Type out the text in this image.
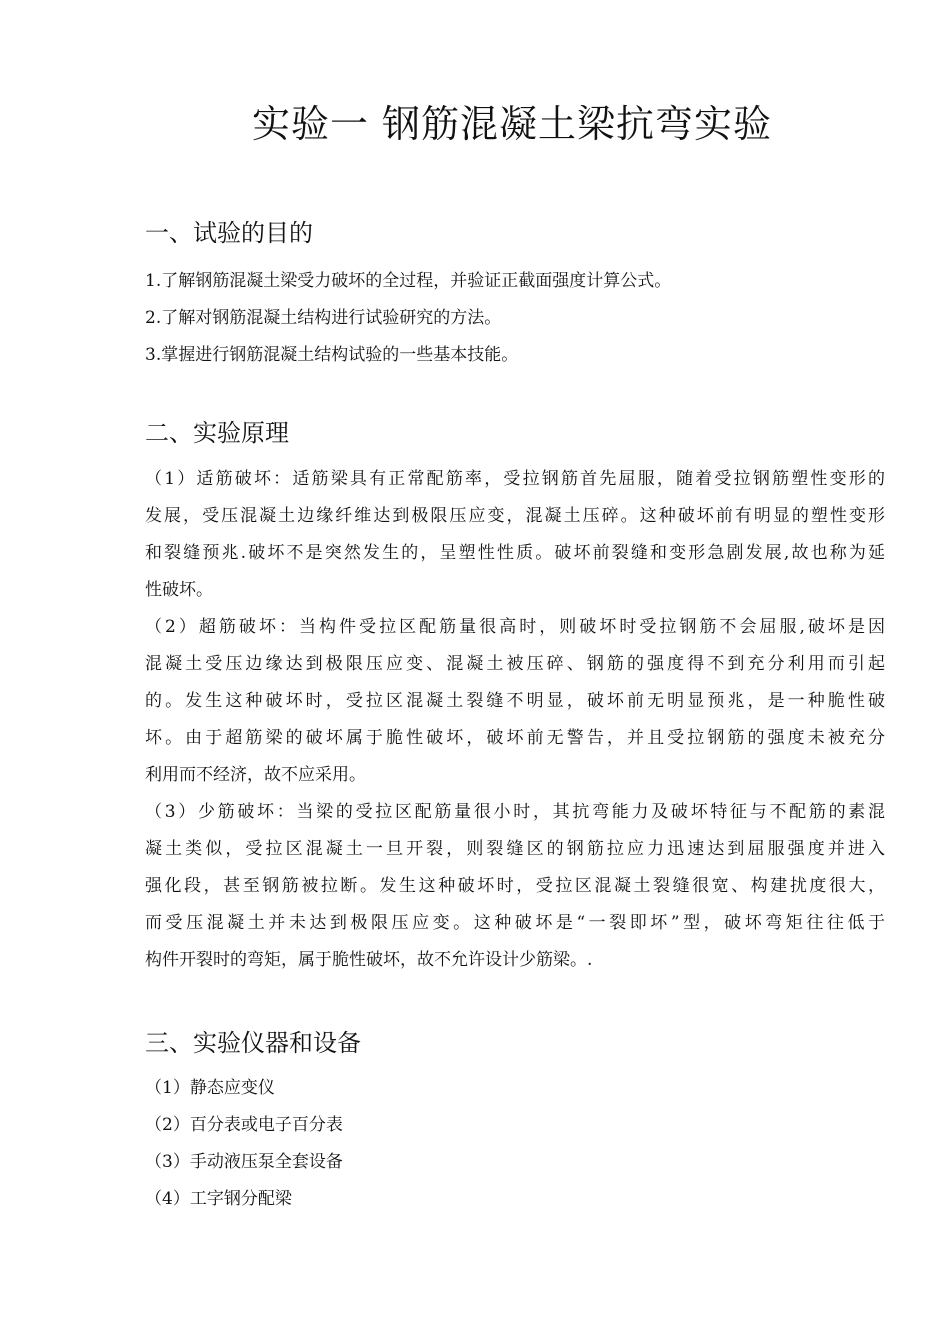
实验一 钢筋混凝土梁抗弯实验
一、试验的目的

1.了解钢筋混凝土梁受力破坏的全过程，并验证正截面强度计算公式。

2.了解对钢筋混凝土结构进行试验研究的方法。

3.掌握进行钢筋混凝土结构试验的一些基本技能。

二、实验原理

（1）适筋破坏：适筋梁具有正常配筋率，受拉钢筋首先屈服，随着受拉钢筋塑性变形的
发展，受压混凝土边缘纤维达到极限压应变，混凝土压碎。这种破坏前有明显的塑性变形
和裂缝预兆.破坏不是突然发生的，呈塑性性质。破坏前裂缝和变形急剧发展,故也称为延
性破坏。

（2）超筋破坏：当构件受拉区配筋量很高时，则破坏时受拉钢筋不会屈服,破坏是因
混凝土受压边缘达到极限压应变、混凝土被压碎、钢筋的强度得不到充分利用而引起
的。发生这种破坏时，受拉区混凝土裂缝不明显，破坏前无明显预兆，是一种脆性破
坏。由于超筋梁的破坏属于脆性破坏，破坏前无警告，并且受拉钢筋的强度未被充分
利用而不经济，故不应采用。

（3）少筋破坏：当梁的受拉区配筋量很小时，其抗弯能力及破坏特征与不配筋的素混
凝土类似，受拉区混凝土一旦开裂，则裂缝区的钢筋拉应力迅速达到屈服强度并进入
强化段，甚至钢筋被拉断。发生这种破坏时，受拉区混凝土裂缝很宽、构建扰度很大，
而受压混凝土并未达到极限压应变。这种破坏是“一裂即坏”型，破坏弯矩往往低于
构件开裂时的弯矩，属于脆性破坏，故不允许设计少筋梁。.

三、实验仪器和设备

（1）静态应变仪

（2）百分表或电子百分表

（3）手动液压泵全套设备

（4）工字钢分配梁
